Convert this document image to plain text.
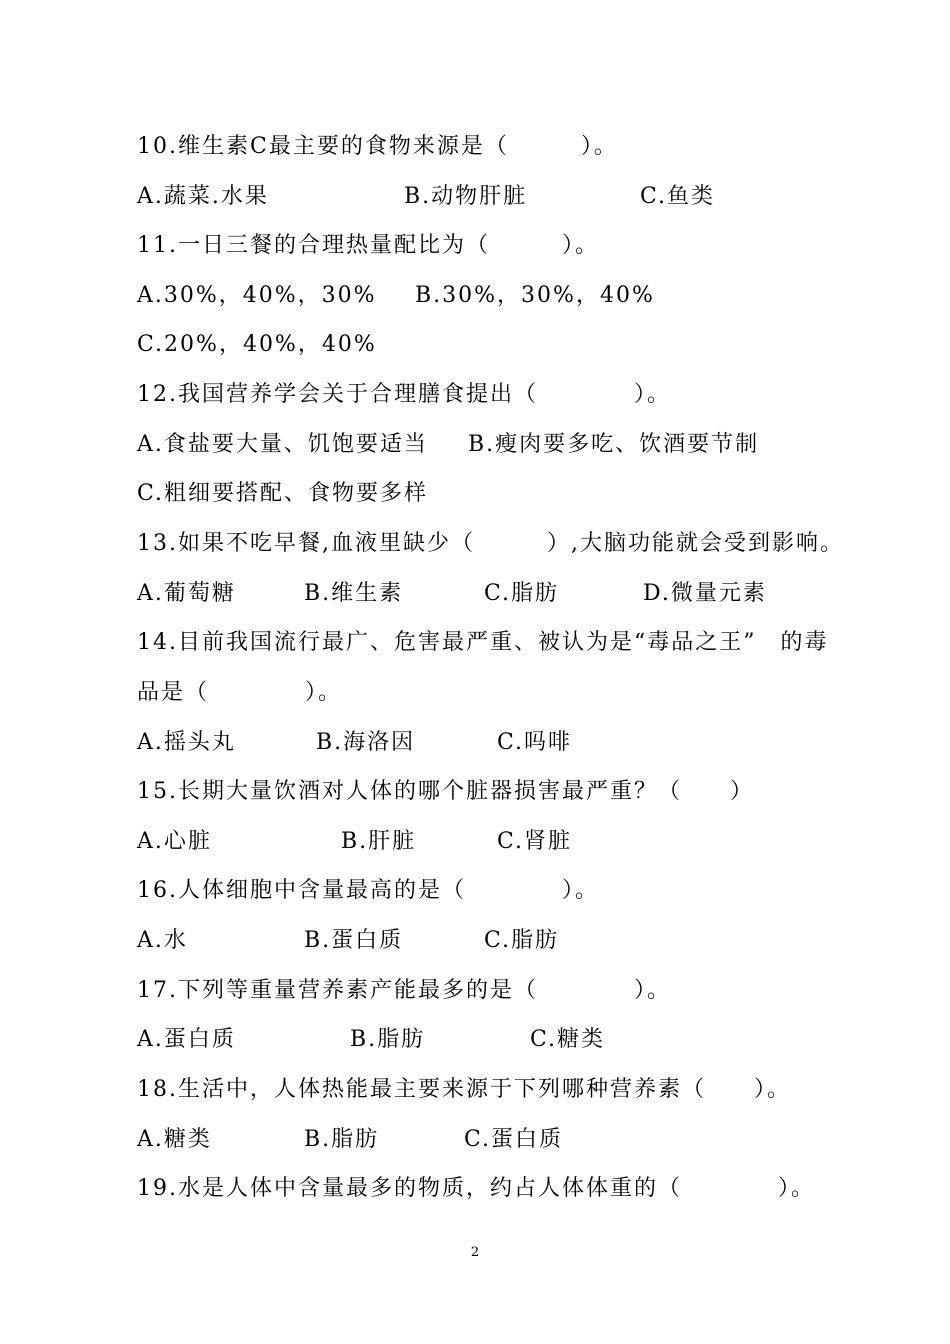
10.维生素C最主要的食物来源是（　　　）。

A.蔬菜.水果

	B.动物肝脏

	C.鱼类

11.一日三餐的合理热量配比为（　　　）。

A.30%，40%，30%

B.30%，30%，40%

C.20%，40%，40%

12.我国营养学会关于合理膳食提出（　　　　）。

A.食盐要大量、饥饱要适当

B.瘦肉要多吃、饮酒要节制

C.粗细要搭配、食物要多样

13.如果不吃早餐,血液里缺少（　　　）,大脑功能就会受到影响。

A.葡萄糖

	B.维生素

	C.脂肪

	D.微量元素

14.目前我国流行最广、危害最严重、被认为是“毒品之王”　的毒

品是（　　　　）。

A.摇头丸

	B.海洛因

	C.吗啡

15.长期大量饮酒对人体的哪个脏器损害最严重？（　　）

A.心脏

	B.肝脏

	C.肾脏

16.人体细胞中含量最高的是（　　　　）。

A.水

	B.蛋白质

	C.脂肪

17.下列等重量营养素产能最多的是（　　　　）。

A.蛋白质

	B.脂肪

	C.糖类

18.生活中，人体热能最主要来源于下列哪种营养素（　　）。

A.糖类

	B.脂肪

	C.蛋白质

19.水是人体中含量最多的物质，约占人体体重的（　　　　）。

2
